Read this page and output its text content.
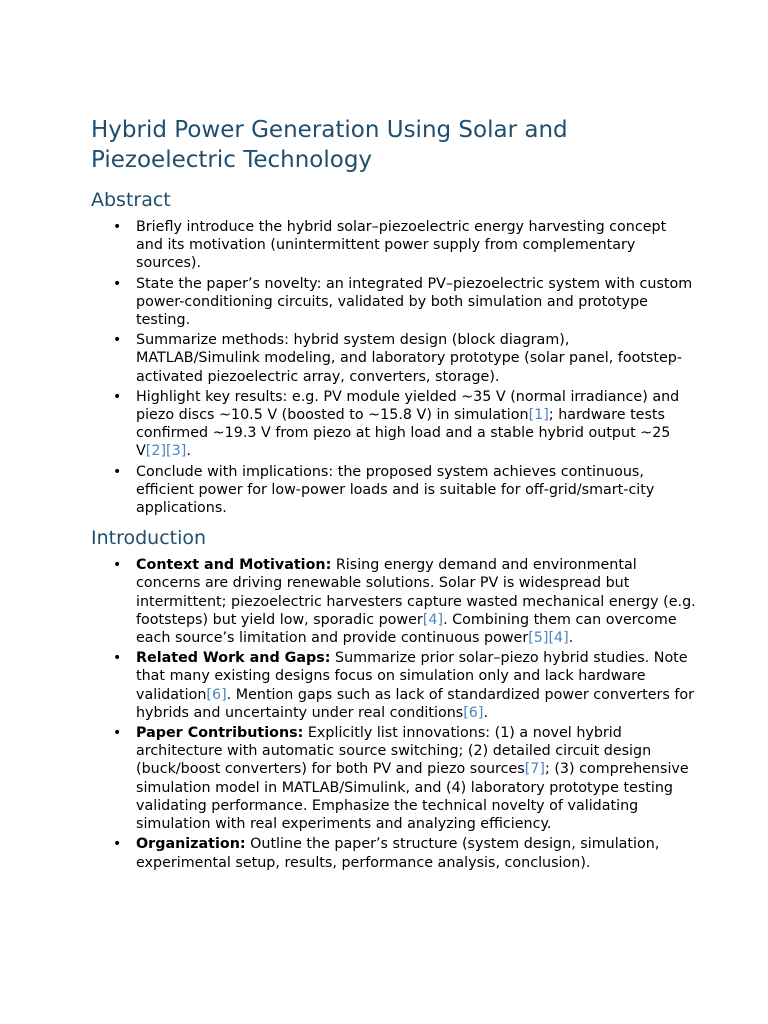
Hybrid Power Generation Using Solar and Piezoelectric Technology
Abstract
• Briefly introduce the hybrid solar–piezoelectric energy harvesting concept and its motivation (unintermittent power supply from complementary sources).
• State the paper’s novelty: an integrated PV–piezoelectric system with custom power-conditioning circuits, validated by both simulation and prototype testing.
• Summarize methods: hybrid system design (block diagram), MATLAB/Simulink modeling, and laboratory prototype (solar panel, footstep-activated piezoelectric array, converters, storage).
• Highlight key results: e.g. PV module yielded ~35 V (normal irradiance) and piezo discs ~10.5 V (boosted to ~15.8 V) in simulation[1]; hardware tests confirmed ~19.3 V from piezo at high load and a stable hybrid output ~25 V[2][3].
• Conclude with implications: the proposed system achieves continuous, efficient power for low-power loads and is suitable for off-grid/smart-city applications.
Introduction
• Context and Motivation: Rising energy demand and environmental concerns are driving renewable solutions. Solar PV is widespread but intermittent; piezoelectric harvesters capture wasted mechanical energy (e.g. footsteps) but yield low, sporadic power[4]. Combining them can overcome each source’s limitation and provide continuous power[5][4].
• Related Work and Gaps: Summarize prior solar–piezo hybrid studies. Note that many existing designs focus on simulation only and lack hardware validation[6]. Mention gaps such as lack of standardized power converters for hybrids and uncertainty under real conditions[6].
• Paper Contributions: Explicitly list innovations: (1) a novel hybrid architecture with automatic source switching; (2) detailed circuit design (buck/boost converters) for both PV and piezo sources[7]; (3) comprehensive simulation model in MATLAB/Simulink, and (4) laboratory prototype testing validating performance. Emphasize the technical novelty of validating simulation with real experiments and analyzing efficiency.
• Organization: Outline the paper’s structure (system design, simulation, experimental setup, results, performance analysis, conclusion).
